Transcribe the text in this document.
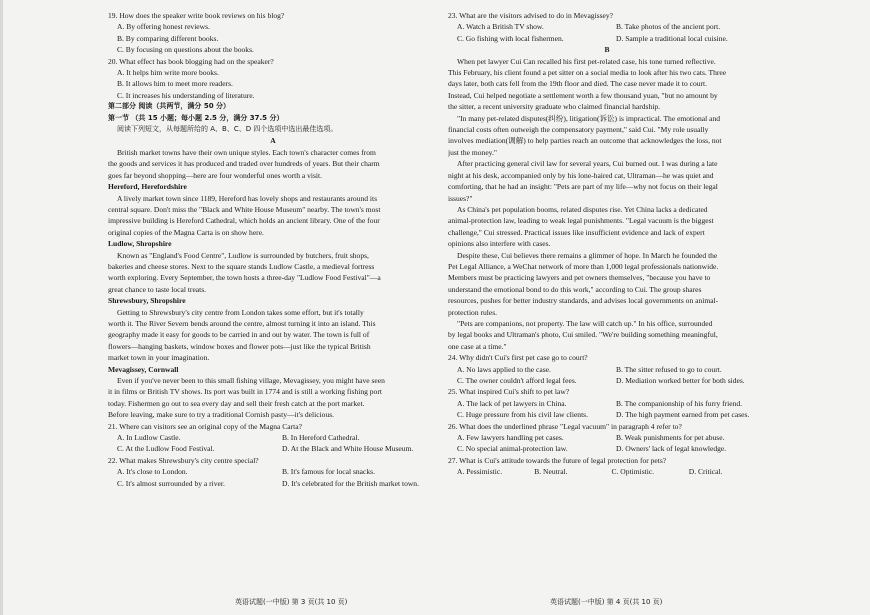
19. How does the speaker write book reviews on his blog?
A. By offering honest reviews.
B. By comparing different books.
C. By focusing on questions about the books.
20. What effect has book blogging had on the speaker?
A. It helps him write more books.
B. It allows him to meet more readers.
C. It increases his understanding of literature.
第二部分 阅读（共两节，满分 50 分）
第一节 （共 15 小题；每小题 2.5 分，满分 37.5 分）
阅读下列短文，从每题所给的 A、B、C、D 四个选项中选出最佳选项。
A
British market towns have their own unique styles. Each town's character comes from
the goods and services it has produced and traded over hundreds of years. But their charm
goes far beyond shopping—here are four wonderful ones worth a visit.
Hereford, Herefordshire
A lively market town since 1189, Hereford has lovely shops and restaurants around its
central square. Don't miss the "Black and White House Museum" nearby. The town's most
impressive building is Hereford Cathedral, which holds an ancient library. One of the four
original copies of the Magna Carta is on show here.
Ludlow, Shropshire
Known as "England's Food Centre", Ludlow is surrounded by butchers, fruit shops,
bakeries and cheese stores. Next to the square stands Ludlow Castle, a medieval fortress
worth exploring. Every September, the town hosts a three-day "Ludlow Food Festival"—a
great chance to taste local treats.
Shrewsbury, Shropshire
Getting to Shrewsbury's city centre from London takes some effort, but it's totally
worth it. The River Severn bends around the centre, almost turning it into an island. This
geography made it easy for goods to be carried in and out by water. The town is full of
flowers—hanging baskets, window boxes and flower pots—just like the typical British
market town in your imagination.
Mevagissey, Cornwall
Even if you've never been to this small fishing village, Mevagissey, you might have seen
it in films or British TV shows. Its port was built in 1774 and is still a working fishing port
today. Fishermen go out to sea every day and sell their fresh catch at the port market.
Before leaving, make sure to try a traditional Cornish pasty—it's delicious.
21. Where can visitors see an original copy of the Magna Carta?
A. In Ludlow Castle.	B. In Hereford Cathedral.
C. At the Ludlow Food Festival.	D. At the Black and White House Museum.
22. What makes Shrewsbury's city centre special?
A. It's close to London.	B. It's famous for local snacks.
C. It's almost surrounded by a river.	D. It's celebrated for the British market town.
23. What are the visitors advised to do in Mevagissey?
A. Watch a British TV show.	B. Take photos of the ancient port.
C. Go fishing with local fishermen.	D. Sample a traditional local cuisine.
B
When pet lawyer Cui Can recalled his first pet-related case, his tone turned reflective.
This February, his client found a pet sitter on a social media to look after his two cats. Three
days later, both cats fell from the 19th floor and died. The case never made it to court.
Instead, Cui helped negotiate a settlement worth a few thousand yuan, "but no amount by
the sitter, a recent university graduate who claimed financial hardship.
"In many pet-related disputes(纠纷), litigation(诉讼) is impractical. The emotional and
financial costs often outweigh the compensatory payment," said Cui. "My role usually
involves mediation(调解) to help parties reach an outcome that acknowledges the loss, not
just the money."
After practicing general civil law for several years, Cui burned out. I was during a late
night at his desk, accompanied only by his lone-haired cat, Ultraman—he was quiet and
comforting, that he had an insight: "Pets are part of my life—why not focus on their legal
issues?"
As China's pet population booms, related disputes rise. Yet China lacks a dedicated
animal-protection law, leading to weak legal punishments. "Legal vacuum is the biggest
challenge," Cui stressed. Practical issues like insufficient evidence and lack of expert
opinions also interfere with cases.
Despite these, Cui believes there remains a glimmer of hope. In March he founded the
Pet Legal Alliance, a WeChat network of more than 1,000 legal professionals nationwide.
Members must be practicing lawyers and pet owners themselves, "because you have to
understand the emotional bond to do this work," according to Cui. The group shares
resources, pushes for better industry standards, and advises local governments on animal-
protection rules.
"Pets are companions, not property. The law will catch up." In his office, surrounded
by legal books and Ultraman's photo, Cui smiled. "We're building something meaningful,
one case at a time."
24. Why didn't Cui's first pet case go to court?
A. No laws applied to the case.	B. The sitter refused to go to court.
C. The owner couldn't afford legal fees.	D. Mediation worked better for both sides.
25. What inspired Cui's shift to pet law?
A. The lack of pet lawyers in China.	B. The companionship of his furry friend.
C. Huge pressure from his civil law clients.	D. The high payment earned from pet cases.
26. What does the underlined phrase "Legal vacuum" in paragraph 4 refer to?
A. Few lawyers handling pet cases.	B. Weak punishments for pet abuse.
C. No special animal-protection law.	D. Owners' lack of legal knowledge.
27. What is Cui's attitude towards the future of legal protection for pets?
A. Pessimistic.	B. Neutral.	C. Optimistic.	D. Critical.
英语试题(一中版) 第 3 页(共 10 页)	英语试题(一中版) 第 4 页(共 10 页)
